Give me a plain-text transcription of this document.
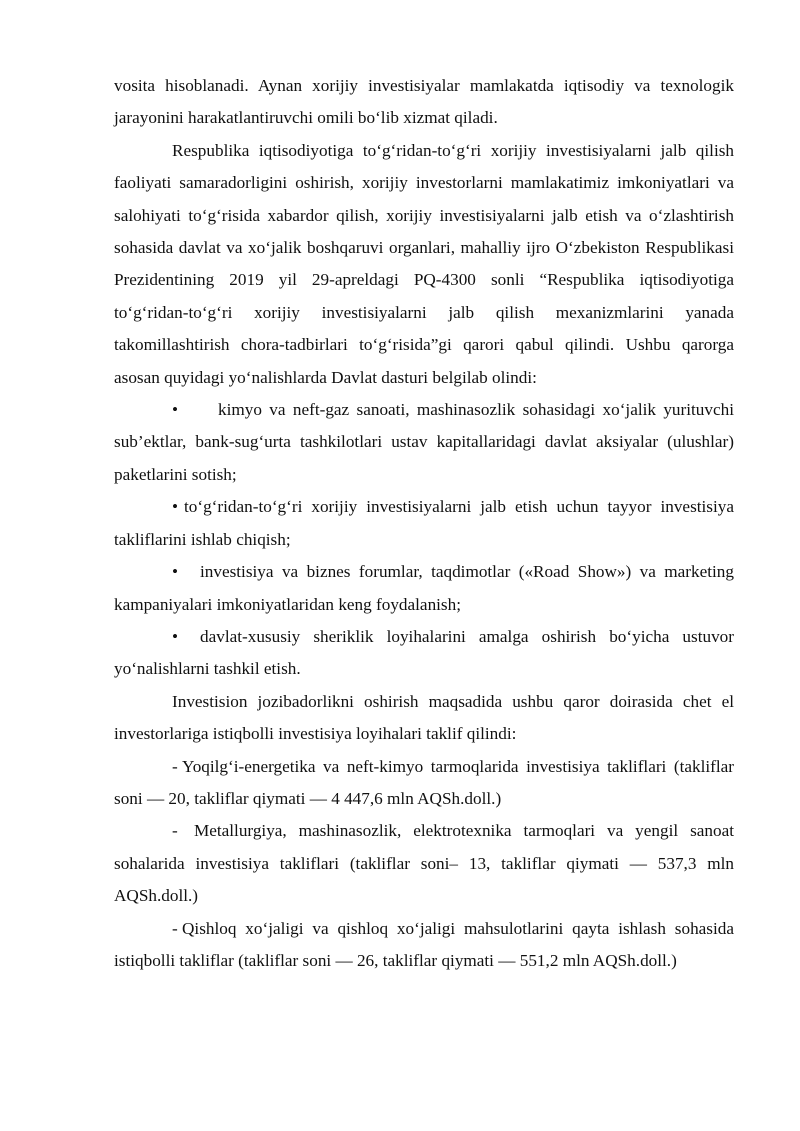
vosita hisoblanadi. Aynan xorijiy investisiyalar mamlakatda iqtisodiy va texnologik jarayonini harakatlantiruvchi omili bo‘lib xizmat qiladi.

Respublika iqtisodiyotiga to‘g‘ridan-to‘g‘ri xorijiy investisiyalarni jalb qilish faoliyati samaradorligini oshirish, xorijiy investorlarni mamlakatimiz imkoniyatlari va salohiyati to‘g‘risida xabardor qilish, xorijiy investisiyalarni jalb etish va o‘zlashtirish sohasida davlat va xo‘jalik boshqaruvi organlari, mahalliy ijro O‘zbekiston Respublikasi Prezidentining 2019 yil 29-apreldagi PQ-4300 sonli “Respublika iqtisodiyotiga to‘g‘ridan-to‘g‘ri xorijiy investisiyalarni jalb qilish mexanizmlarini yanada takomillashtirish chora-tadbirlari to‘g‘risida”gi qarori qabul qilindi. Ushbu qarorga asosan quyidagi yo‘nalishlarda Davlat dasturi belgilab olindi:

• kimyo va neft-gaz sanoati, mashinasozlik sohasidagi xo‘jalik yurituvchi sub’ektlar, bank-sug‘urta tashkilotlari ustav kapitallaridagi davlat aksiyalar (ulushlar) paketlarini sotish;

• to‘g‘ridan-to‘g‘ri xorijiy investisiyalarni jalb etish uchun tayyor investisiya takliflarini ishlab chiqish;

• investisiya va biznes forumlar, taqdimotlar («Road Show») va marketing kampaniyalari imkoniyatlaridan keng foydalanish;

• davlat-xususiy sheriklik loyihalarini amalga oshirish bo‘yicha ustuvor yo‘nalishlarni tashkil etish.

Investision jozibadorlikni oshirish maqsadida ushbu qaror doirasida chet el investorlariga istiqbolli investisiya loyihalari taklif qilindi:

- Yoqilg‘i-energetika va neft-kimyo tarmoqlarida investisiya takliflari (takliflar soni — 20, takliflar qiymati — 4 447,6 mln AQSh.doll.)

- Metallurgiya, mashinasozlik, elektrotexnika tarmoqlari va yengil sanoat sohalarida investisiya takliflari (takliflar soni– 13, takliflar qiymati — 537,3 mln AQSh.doll.)

- Qishloq xo‘jaligi va qishloq xo‘jaligi mahsulotlarini qayta ishlash sohasida istiqbolli takliflar (takliflar soni — 26, takliflar qiymati — 551,2 mln AQSh.doll.)
